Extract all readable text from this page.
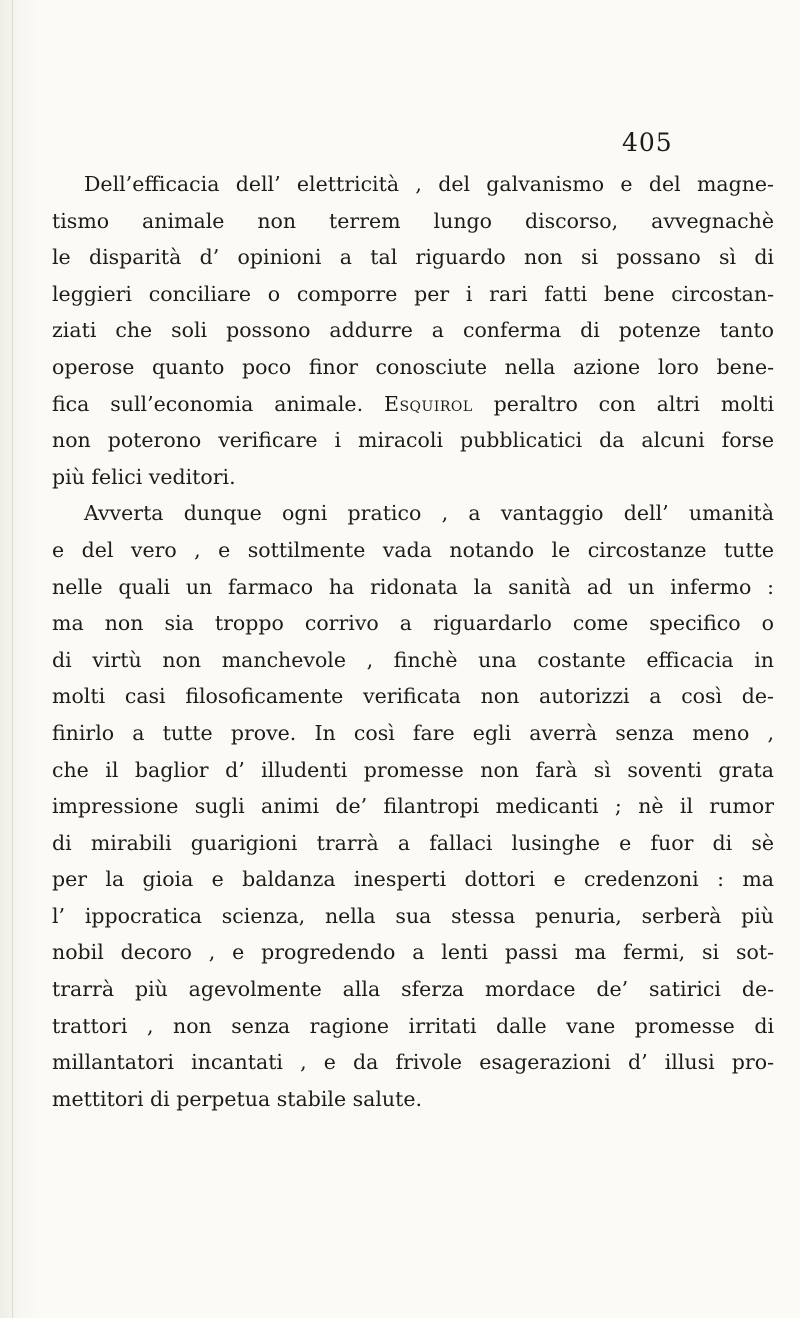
405
Dell’efficacia dell’ elettricità , del galvanismo e del magne-
tismo animale non terrem lungo discorso, avvegnachè
le disparità d’ opinioni a tal riguardo non si possano sì di
leggieri conciliare o comporre per i rari fatti bene circostan-
ziati che soli possono addurre a conferma di potenze tanto
operose quanto poco finor conosciute nella azione loro bene-
fica sull’economia animale. Esquirol peraltro con altri molti
non poterono verificare i miracoli pubblicatici da alcuni forse
più felici veditori.
Avverta dunque ogni pratico , a vantaggio dell’ umanità
e del vero , e sottilmente vada notando le circostanze tutte
nelle quali un farmaco ha ridonata la sanità ad un infermo :
ma non sia troppo corrivo a riguardarlo come specifico o
di virtù non manchevole , finchè una costante efficacia in
molti casi filosoficamente verificata non autorizzi a così de-
finirlo a tutte prove. In così fare egli averrà senza meno ,
che il baglior d’ illudenti promesse non farà sì soventi grata
impressione sugli animi de’ filantropi medicanti ; nè il rumor
di mirabili guarigioni trarrà a fallaci lusinghe e fuor di sè
per la gioia e baldanza inesperti dottori e credenzoni : ma
l’ ippocratica scienza, nella sua stessa penuria, serberà più
nobil decoro , e progredendo a lenti passi ma fermi, si sot-
trarrà più agevolmente alla sferza mordace de’ satirici de-
trattori , non senza ragione irritati dalle vane promesse di
millantatori incantati , e da frivole esagerazioni d’ illusi pro-
mettitori di perpetua stabile salute.
